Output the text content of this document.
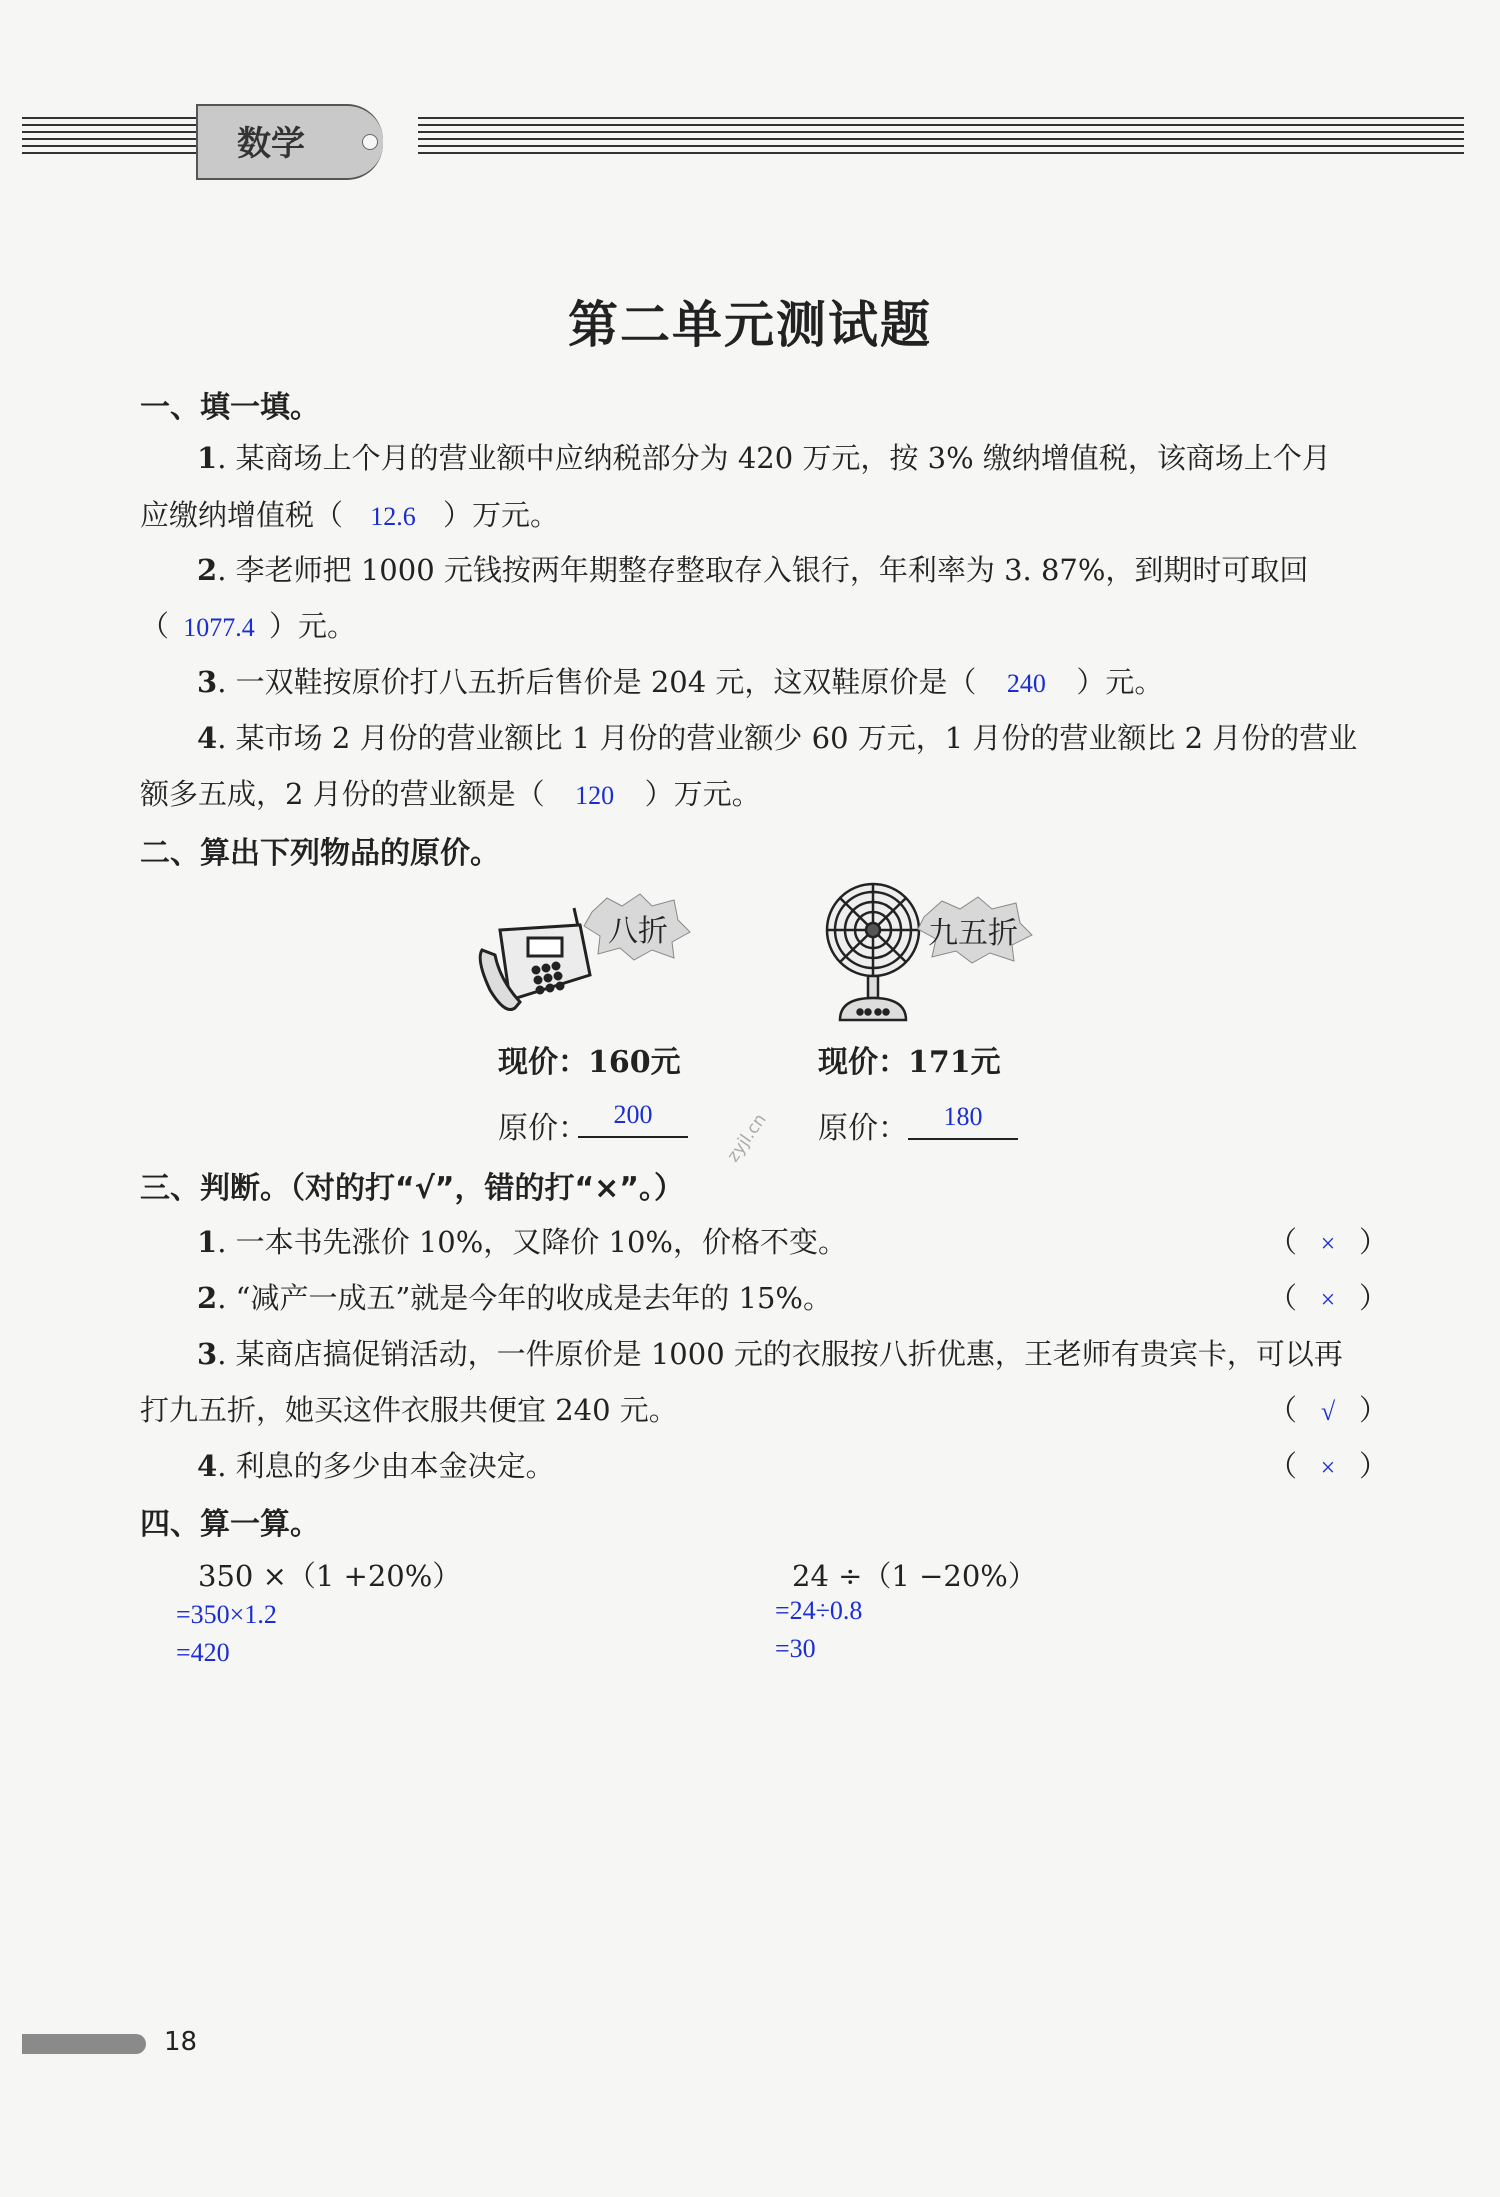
数学
第二单元测试题
一、填一填。
1. 某商场上个月的营业额中应纳税部分为 420 万元，按 3% 缴纳增值税，该商场上个月
应缴纳增值税（ 12.6 ）万元。
2. 李老师把 1000 元钱按两年期整存整取存入银行，年利率为 3. 87%，到期时可取回
（ 1077.4 ）元。
3. 一双鞋按原价打八五折后售价是 204 元，这双鞋原价是（ 240 ）元。
4. 某市场 2 月份的营业额比 1 月份的营业额少 60 万元，1 月份的营业额比 2 月份的营业
额多五成，2 月份的营业额是（ 120 ）万元。
二、算出下列物品的原价。
八折	九五折
现价：160元	现价：171元
原价： 200	原价：	180
zyjl.cn
三、判断。（对的打“√”，错的打“×”。）
1. 一本书先涨价 10%，又降价 10%，价格不变。	（ × ）
2. “减产一成五”就是今年的收成是去年的 15%。	（ × ）
3. 某商店搞促销活动，一件原价是 1000 元的衣服按八折优惠，王老师有贵宾卡，可以再
打九五折，她买这件衣服共便宜 240 元。	（ √ ）
4. 利息的多少由本金决定。	（ × ）
四、算一算。
350 ×（1 +20%）
=350×1.2
=420
24 ÷（1 −20%）
=24÷0.8
=30
18
